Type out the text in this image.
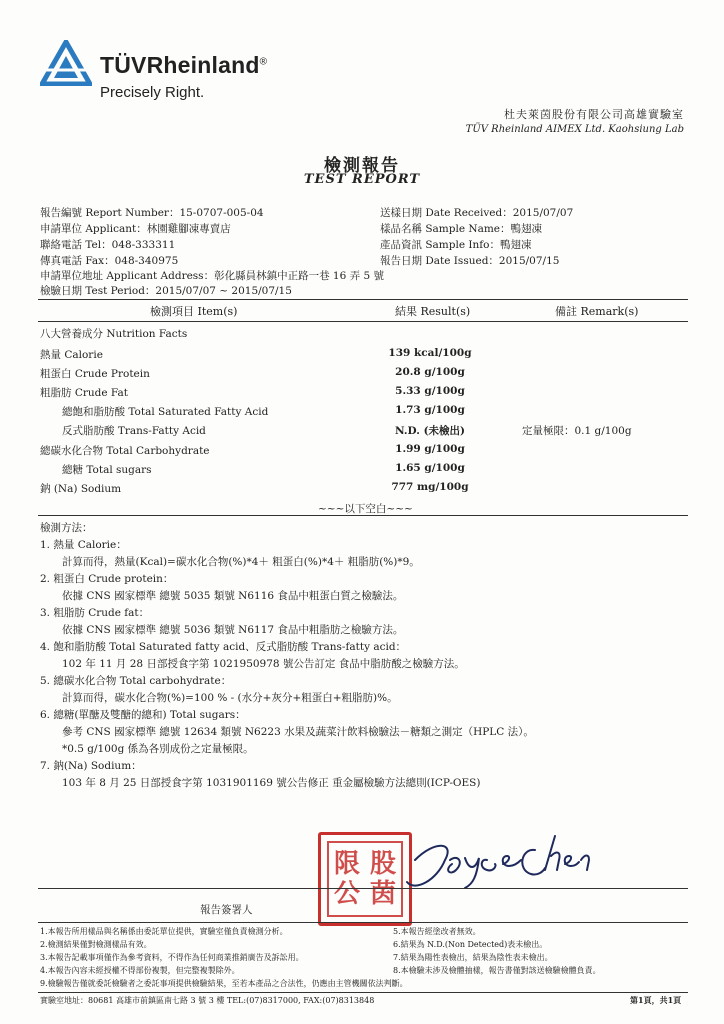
TÜVRheinland®
Precisely Right.
杜夫萊茵股份有限公司高雄實驗室
TÜV Rheinland AIMEX Ltd. Kaohsiung Lab
檢測報告
TEST REPORT
報告編號 Report Number：15-0707-005-04
申請單位 Applicant：林園雞腳凍專賣店
聯絡電話 Tel：048-333311
傳真電話 Fax：048-340975
申請單位地址 Applicant Address：彰化縣員林鎮中正路一巷 16 弄 5 號
檢驗日期 Test Period：2015/07/07 ~ 2015/07/15
送樣日期 Date Received：2015/07/07
樣品名稱 Sample Name：鴨翅凍
產品資訊 Sample Info：鴨翅凍
報告日期 Date Issued：2015/07/15
檢測項目 Item(s)	結果 Result(s)	備註 Remark(s)
八大營養成分 Nutrition Facts
熱量 Calorie	139 kcal/100g
粗蛋白 Crude Protein	20.8 g/100g
粗脂肪 Crude Fat	5.33 g/100g
總飽和脂肪酸 Total Saturated Fatty Acid	1.73 g/100g
反式脂肪酸 Trans-Fatty Acid	N.D. (未檢出)	定量極限：0.1 g/100g
總碳水化合物 Total Carbohydrate	1.99 g/100g
總糖 Total sugars	1.65 g/100g
鈉 (Na) Sodium	777 mg/100g
~~~以下空白~~~
檢測方法：
1. 熱量 Calorie：
計算而得，熱量(Kcal)=碳水化合物(%)*4＋ 粗蛋白(%)*4＋ 粗脂肪(%)*9。
2. 粗蛋白 Crude protein：
依據 CNS 國家標準 總號 5035 類號 N6116 食品中粗蛋白質之檢驗法。
3. 粗脂肪 Crude fat：
依據 CNS 國家標準 總號 5036 類號 N6117 食品中粗脂肪之檢驗方法。
4. 飽和脂肪酸 Total Saturated fatty acid、反式脂肪酸 Trans-fatty acid：
102 年 11 月 28 日部授食字第 1021950978 號公告訂定 食品中脂肪酸之檢驗方法。
5. 總碳水化合物 Total carbohydrate：
計算而得，碳水化合物(%)=100 % - (水分+灰分+粗蛋白+粗脂肪)%。
6. 總糖(單醣及雙醣的總和) Total sugars：
參考 CNS 國家標準 總號 12634 類號 N6223 水果及蔬菜汁飲料檢驗法－糖類之測定（HPLC 法）。
*0.5 g/100g 係為各別成份之定量極限。
7. 鈉(Na) Sodium：
103 年 8 月 25 日部授食字第 1031901169 號公告修正 重金屬檢驗方法總則(ICP-OES)
限 股
公 茵
報告簽署人
1.本報告所用樣品與名稱係由委託單位提供，實驗室僅負責檢測分析。
2.檢測結果僅對檢測樣品有效。
3.本報告記載事項僅作為參考資料，不得作為任何商業推銷廣告及訴訟用。
4.本報告內容未經授權不得部份複製，但完整複製除外。
9.檢驗報告僅就委託檢驗者之委託事項提供檢驗結果，至若本產品之合法性，仍應由主管機關依法判斷。
5.本報告經塗改者無效。
6.結果為 N.D.(Non Detected)表未檢出。
7.結果為陽性表檢出，結果為陰性表未檢出。
8.本檢驗未涉及檢體抽樣，報告書僅對該送檢驗檢體負責。
實驗室地址：80681 高雄市前鎮區南七路 3 號 3 樓 TEL:(07)8317000, FAX:(07)8313848	第1頁，共1頁
